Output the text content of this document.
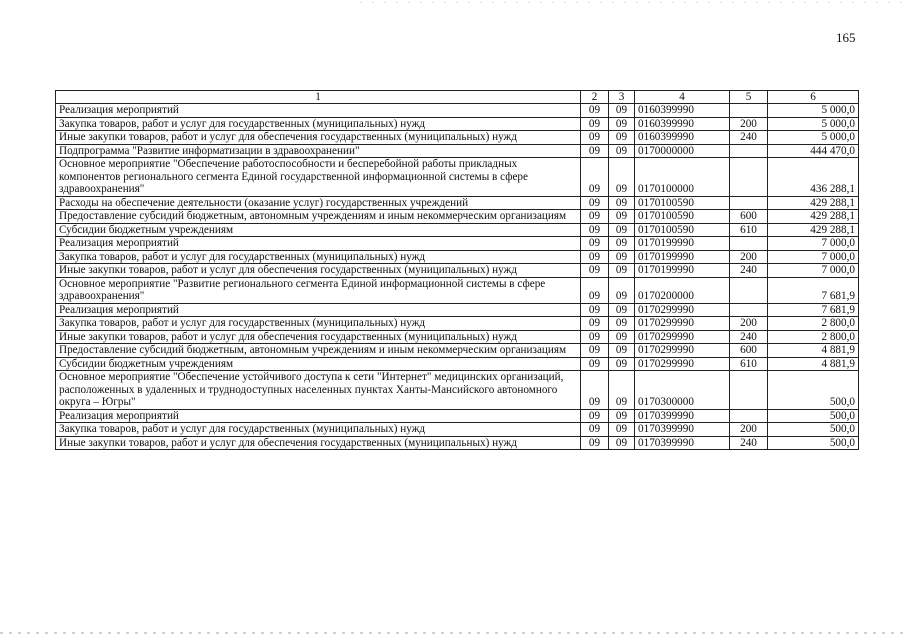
165
1	2	3	4	5	6
Реализация мероприятий	09	09	0160399990		5 000,0
Закупка товаров, работ и услуг для государственных (муниципальных) нужд	09	09	0160399990	200	5 000,0
Иные закупки товаров, работ и услуг для обеспечения государственных (муниципальных) нужд	09	09	0160399990	240	5 000,0
Подпрограмма "Развитие информатизации в здравоохранении"	09	09	0170000000		444 470,0
Основное мероприятие "Обеспечение работоспособности и бесперебойной работы прикладных компонентов регионального сегмента Единой государственной информационной системы в сфере здравоохранения"	09	09	0170100000		436 288,1
Расходы на обеспечение деятельности (оказание услуг) государственных учреждений	09	09	0170100590		429 288,1
Предоставление субсидий бюджетным, автономным учреждениям и иным некоммерческим организациям	09	09	0170100590	600	429 288,1
Субсидии бюджетным учреждениям	09	09	0170100590	610	429 288,1
Реализация мероприятий	09	09	0170199990		7 000,0
Закупка товаров, работ и услуг для государственных (муниципальных) нужд	09	09	0170199990	200	7 000,0
Иные закупки товаров, работ и услуг для обеспечения государственных (муниципальных) нужд	09	09	0170199990	240	7 000,0
Основное мероприятие "Развитие регионального сегмента Единой информационной системы в сфере здравоохранения"	09	09	0170200000		7 681,9
Реализация мероприятий	09	09	0170299990		7 681,9
Закупка товаров, работ и услуг для государственных (муниципальных) нужд	09	09	0170299990	200	2 800,0
Иные закупки товаров, работ и услуг для обеспечения государственных (муниципальных) нужд	09	09	0170299990	240	2 800,0
Предоставление субсидий бюджетным, автономным учреждениям и иным некоммерческим организациям	09	09	0170299990	600	4 881,9
Субсидии бюджетным учреждениям	09	09	0170299990	610	4 881,9
Основное мероприятие "Обеспечение устойчивого доступа к сети "Интернет" медицинских организаций, расположенных в удаленных и труднодоступных населенных пунктах Ханты-Мансийского автономного округа – Югры"	09	09	0170300000		500,0
Реализация мероприятий	09	09	0170399990		500,0
Закупка товаров, работ и услуг для государственных (муниципальных) нужд	09	09	0170399990	200	500,0
Иные закупки товаров, работ и услуг для обеспечения государственных (муниципальных) нужд	09	09	0170399990	240	500,0
